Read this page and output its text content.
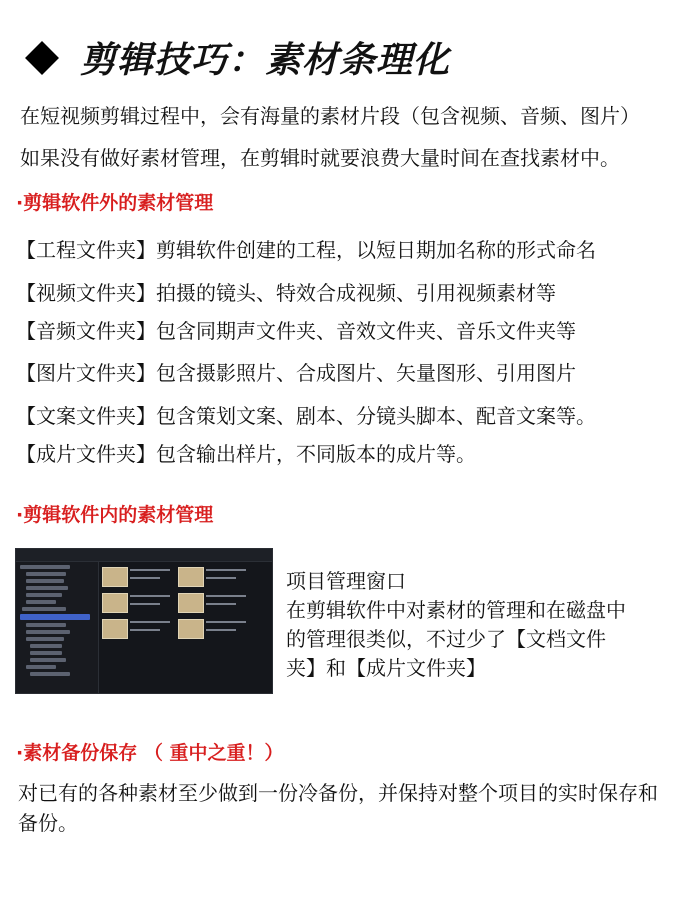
剪辑技巧：素材条理化
在短视频剪辑过程中，会有海量的素材片段（包含视频、音频、图片）
如果没有做好素材管理，在剪辑时就要浪费大量时间在查找素材中。
·剪辑软件外的素材管理
【工程文件夹】剪辑软件创建的工程，以短日期加名称的形式命名
【视频文件夹】拍摄的镜头、特效合成视频、引用视频素材等
【音频文件夹】包含同期声文件夹、音效文件夹、音乐文件夹等
【图片文件夹】包含摄影照片、合成图片、矢量图形、引用图片
【文案文件夹】包含策划文案、剧本、分镜头脚本、配音文案等。
【成片文件夹】包含输出样片，不同版本的成片等。
·剪辑软件内的素材管理
项目管理窗口
在剪辑软件中对素材的管理和在磁盘中的管理很类似，不过少了【文档文件夹】和【成片文件夹】
·素材备份保存 （ 重中之重！）
对已有的各种素材至少做到一份冷备份，并保持对整个项目的实时保存和备份。
